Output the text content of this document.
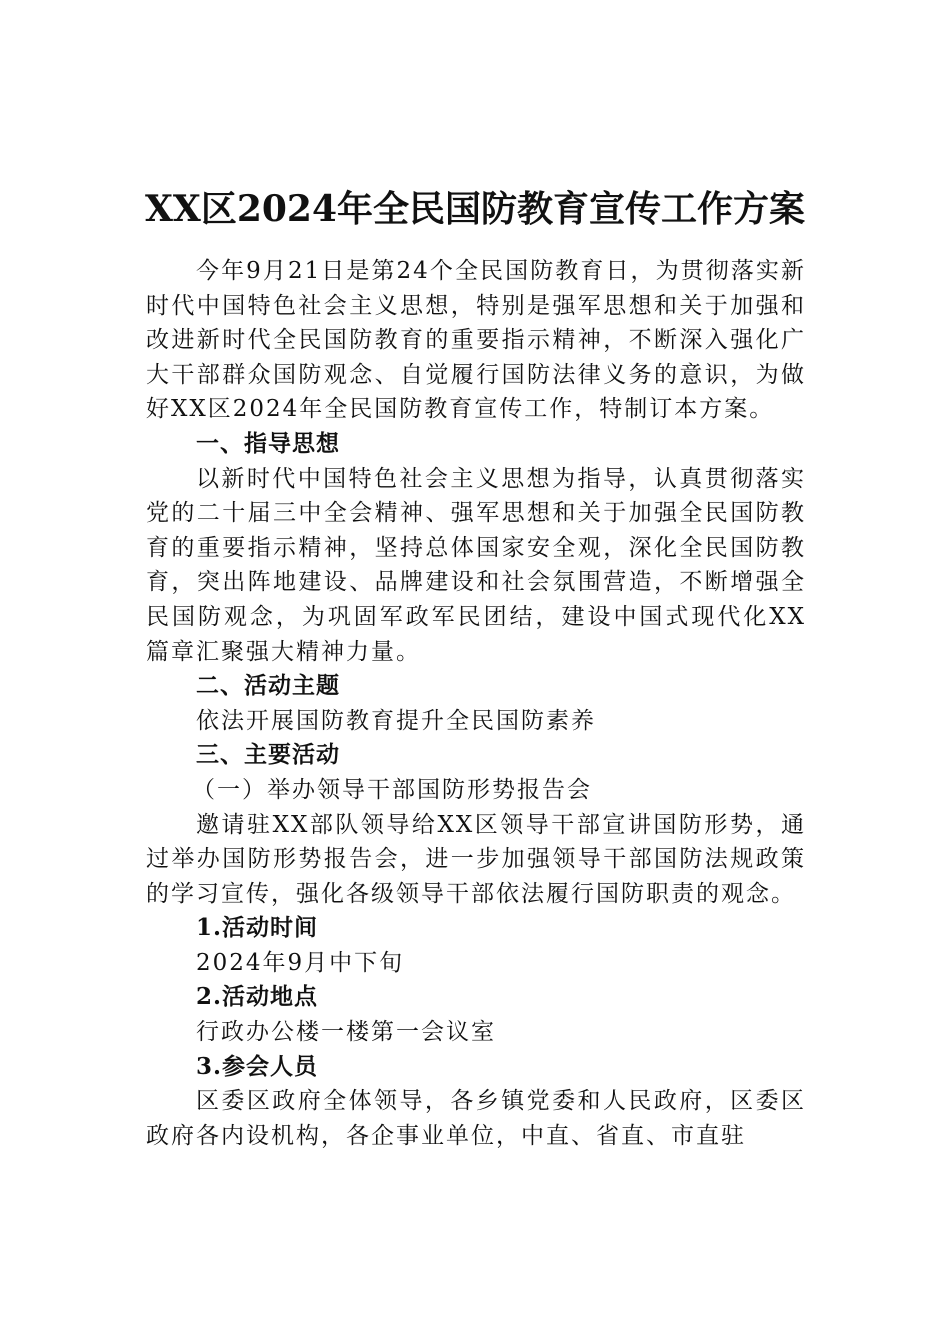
XX区2024年全民国防教育宣传工作方案

今年9月21日是第24个全民国防教育日，为贯彻落实新时代中国特色社会主义思想，特别是强军思想和关于加强和改进新时代全民国防教育的重要指示精神，不断深入强化广大干部群众国防观念、自觉履行国防法律义务的意识，为做好XX区2024年全民国防教育宣传工作，特制订本方案。

一、指导思想

以新时代中国特色社会主义思想为指导，认真贯彻落实党的二十届三中全会精神、强军思想和关于加强全民国防教育的重要指示精神，坚持总体国家安全观，深化全民国防教育，突出阵地建设、品牌建设和社会氛围营造，不断增强全民国防观念，为巩固军政军民团结，建设中国式现代化XX篇章汇聚强大精神力量。

二、活动主题

依法开展国防教育提升全民国防素养

三、主要活动

（一）举办领导干部国防形势报告会

邀请驻XX部队领导给XX区领导干部宣讲国防形势，通过举办国防形势报告会，进一步加强领导干部国防法规政策的学习宣传，强化各级领导干部依法履行国防职责的观念。

1.活动时间

2024年9月中下旬

2.活动地点

行政办公楼一楼第一会议室

3.参会人员

区委区政府全体领导，各乡镇党委和人民政府，区委区政府各内设机构，各企事业单位，中直、省直、市直驻
